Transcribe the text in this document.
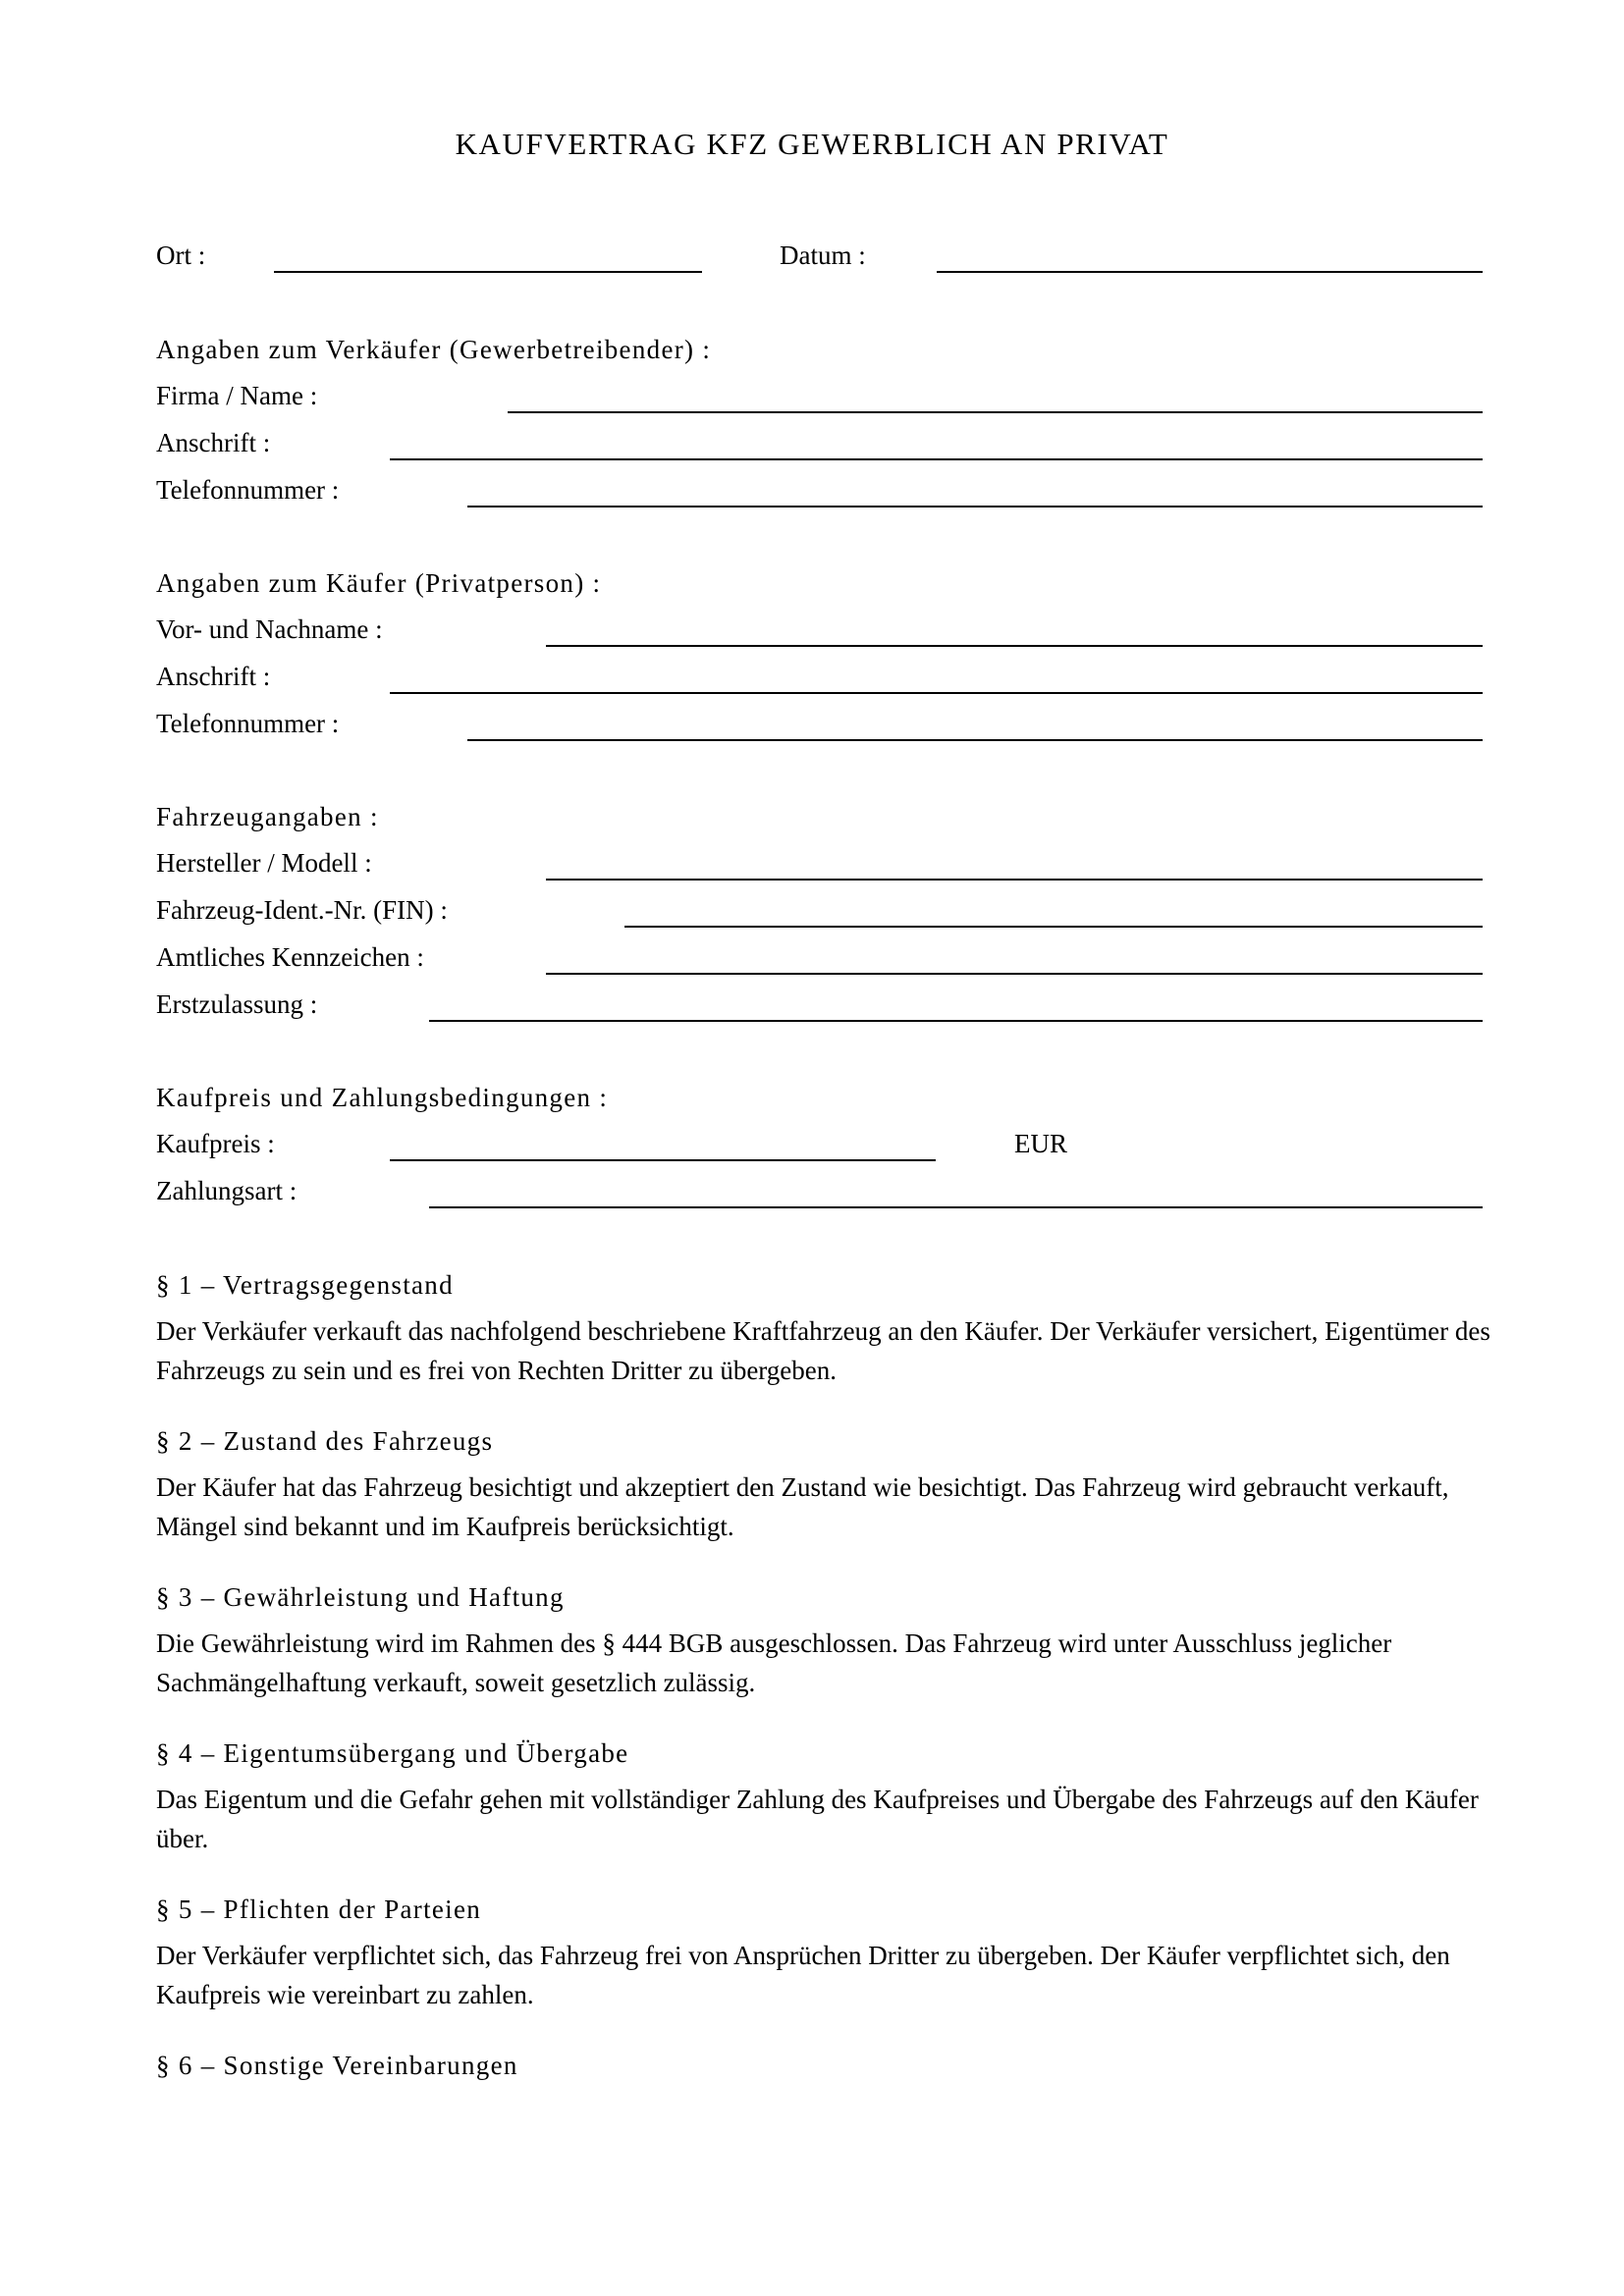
KAUFVERTRAG KFZ GEWERBLICH AN PRIVAT
Ort :	Datum :
Angaben zum Verkäufer (Gewerbetreibender) :
Firma / Name :
Anschrift :
Telefonnummer :
Angaben zum Käufer (Privatperson) :
Vor- und Nachname :
Anschrift :
Telefonnummer :
Fahrzeugangaben :
Hersteller / Modell :
Fahrzeug-Ident.-Nr. (FIN) :
Amtliches Kennzeichen :
Erstzulassung :
Kaufpreis und Zahlungsbedingungen :
Kaufpreis :	EUR
Zahlungsart :
§ 1 – Vertragsgegenstand
Der Verkäufer verkauft das nachfolgend beschriebene Kraftfahrzeug an den Käufer. Der Verkäufer versichert, Eigentümer des Fahrzeugs zu sein und es frei von Rechten Dritter zu übergeben.
§ 2 – Zustand des Fahrzeugs
Der Käufer hat das Fahrzeug besichtigt und akzeptiert den Zustand wie besichtigt. Das Fahrzeug wird gebraucht verkauft, Mängel sind bekannt und im Kaufpreis berücksichtigt.
§ 3 – Gewährleistung und Haftung
Die Gewährleistung wird im Rahmen des § 444 BGB ausgeschlossen. Das Fahrzeug wird unter Ausschluss jeglicher Sachmängelhaftung verkauft, soweit gesetzlich zulässig.
§ 4 – Eigentumsübergang und Übergabe
Das Eigentum und die Gefahr gehen mit vollständiger Zahlung des Kaufpreises und Übergabe des Fahrzeugs auf den Käufer über.
§ 5 – Pflichten der Parteien
Der Verkäufer verpflichtet sich, das Fahrzeug frei von Ansprüchen Dritter zu übergeben. Der Käufer verpflichtet sich, den Kaufpreis wie vereinbart zu zahlen.
§ 6 – Sonstige Vereinbarungen
